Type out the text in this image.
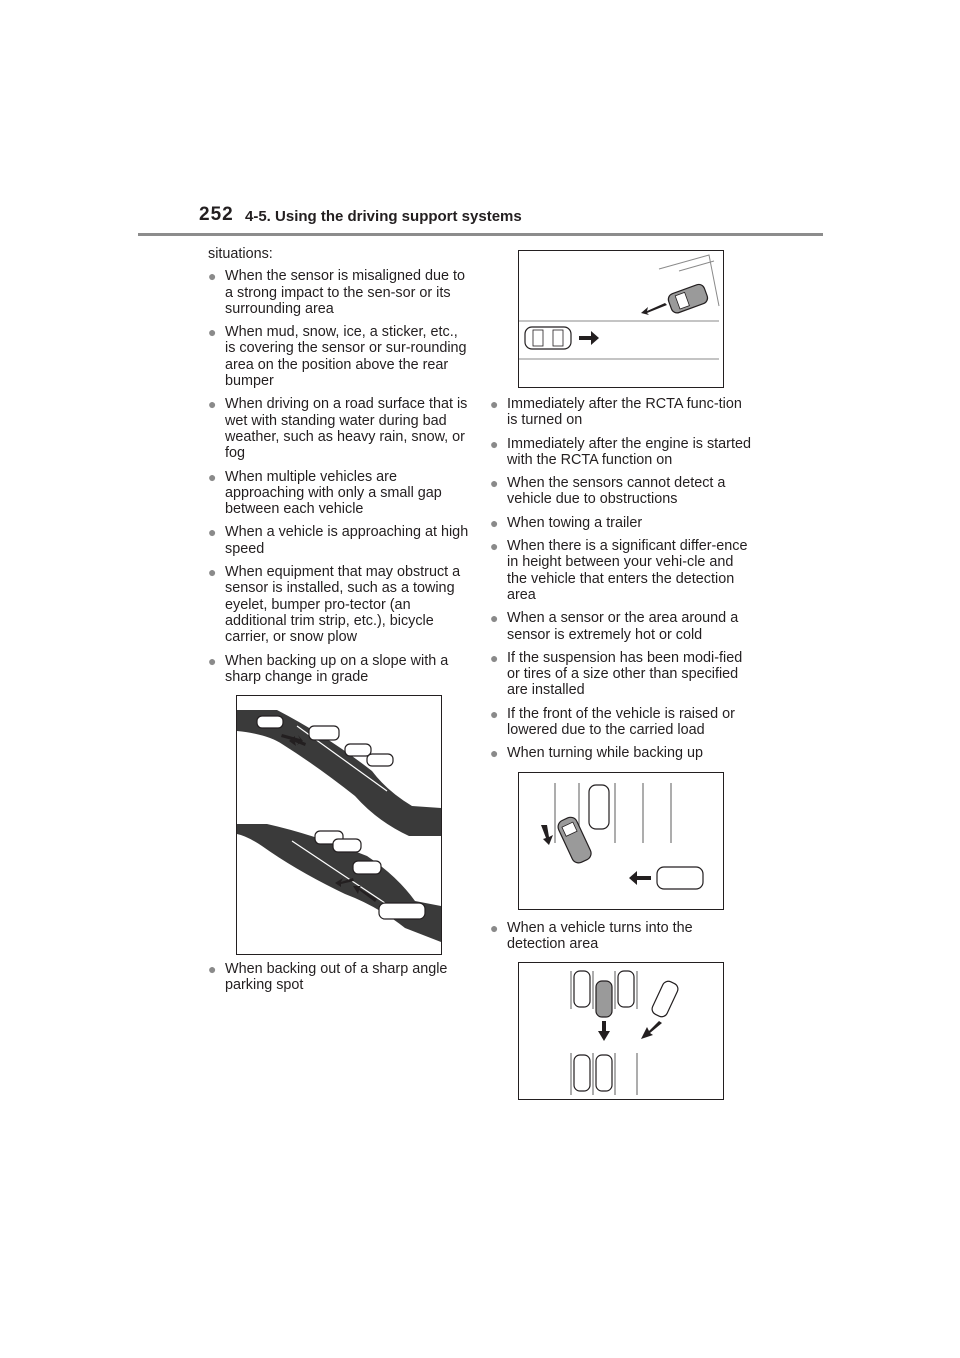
252 4-5. Using the driving support systems

situations:

● When the sensor is misaligned due to a strong impact to the sen-sor or its surrounding area
● When mud, snow, ice, a sticker, etc., is covering the sensor or sur-rounding area on the position above the rear bumper
● When driving on a road surface that is wet with standing water during bad weather, such as heavy rain, snow, or fog
● When multiple vehicles are approaching with only a small gap between each vehicle
● When a vehicle is approaching at high speed
● When equipment that may obstruct a sensor is installed, such as a towing eyelet, bumper pro-tector (an additional trim strip, etc.), bicycle carrier, or snow plow
● When backing up on a slope with a sharp change in grade
● When backing out of a sharp angle parking spot
● Immediately after the RCTA func-tion is turned on
● Immediately after the engine is started with the RCTA function on
● When the sensors cannot detect a vehicle due to obstructions
● When towing a trailer
● When there is a significant differ-ence in height between your vehi-cle and the vehicle that enters the detection area
● When a sensor or the area around a sensor is extremely hot or cold
● If the suspension has been modi-fied or tires of a size other than specified are installed
● If the front of the vehicle is raised or lowered due to the carried load
● When turning while backing up
● When a vehicle turns into the detection area
